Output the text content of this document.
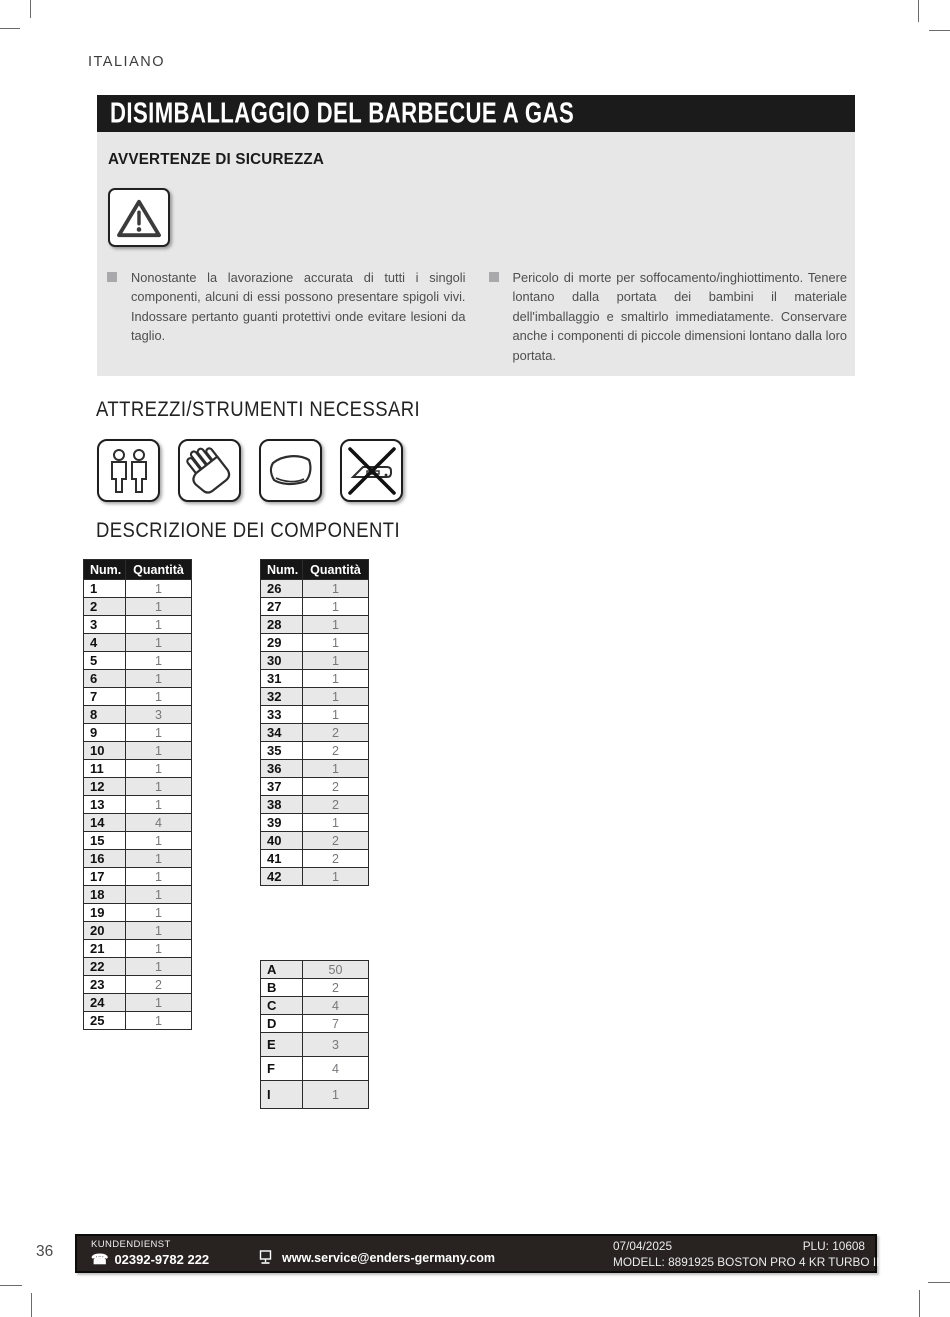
ITALIANO
DISIMBALLAGGIO DEL BARBECUE A GAS
AVVERTENZE DI SICUREZZA
Nonostante la lavorazione accurata di tutti i singoli componenti, alcuni di essi possono presentare spigoli vivi. Indossare pertanto guanti protettivi onde evitare lesioni da taglio.
Pericolo di morte per soffocamento/inghiottimento. Tenere lontano dalla portata dei bambini il materiale dell'imballaggio e smaltirlo immediatamente. Conservare anche i componenti di piccole dimensioni lontano dalla loro portata.
ATTREZZI/STRUMENTI NECESSARI
DESCRIZIONE DEI COMPONENTI
Num.	Quantità
1	1
2	1
3	1
4	1
5	1
6	1
7	1
8	3
9	1
10	1
11	1
12	1
13	1
14	4
15	1
16	1
17	1
18	1
19	1
20	1
21	1
22	1
23	2
24	1
25	1
Num.	Quantità
26	1
27	1
28	1
29	1
30	1
31	1
32	1
33	1
34	2
35	2
36	1
37	2
38	2
39	1
40	2
41	2
42	1
A	50
B	2
C	4
D	7
E	3
F	4
I	1
36	KUNDENDIENST
☎ 02392-9782 222	www.service@enders-germany.com
07/04/2025	PLU: 10608
MODELL: 8891925 BOSTON PRO 4 KR TURBO II
